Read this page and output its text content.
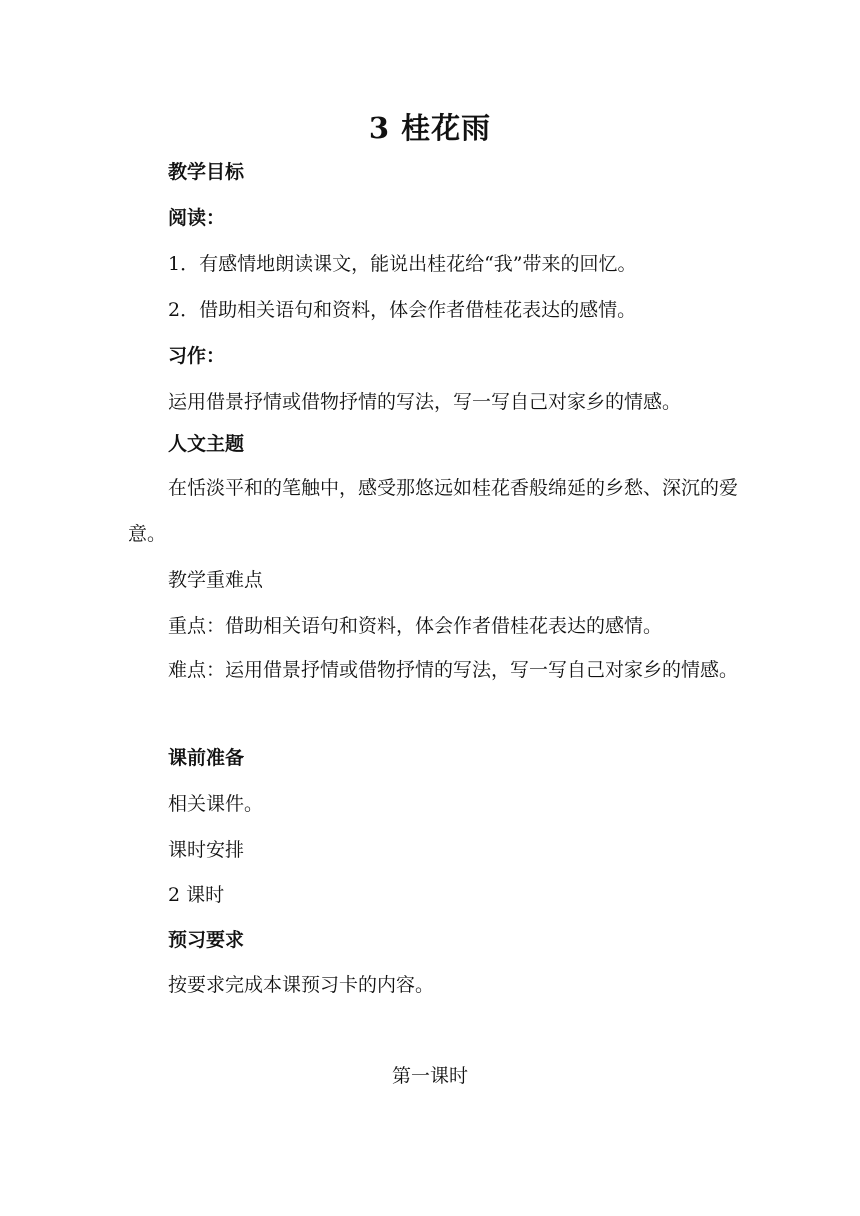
3 桂花雨
教学目标
阅读：
1．有感情地朗读课文，能说出桂花给“我”带来的回忆。
2．借助相关语句和资料，体会作者借桂花表达的感情。
习作：
运用借景抒情或借物抒情的写法，写一写自己对家乡的情感。
人文主题
在恬淡平和的笔触中，感受那悠远如桂花香般绵延的乡愁、深沉的爱意。
教学重难点
重点：借助相关语句和资料，体会作者借桂花表达的感情。
难点：运用借景抒情或借物抒情的写法，写一写自己对家乡的情感。
课前准备
相关课件。
课时安排
2 课时
预习要求
按要求完成本课预习卡的内容。
第一课时
